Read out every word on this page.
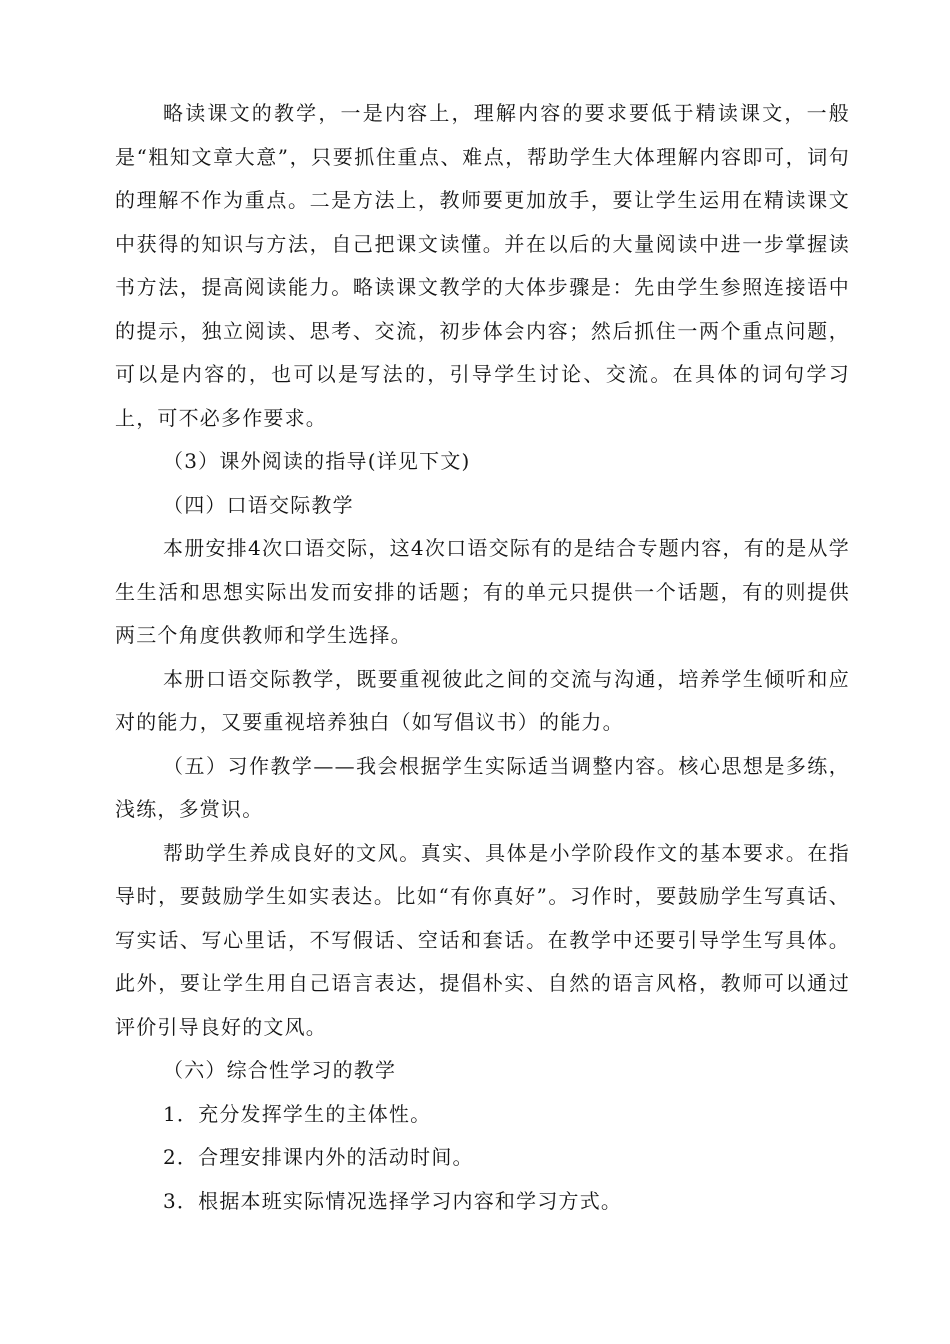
略读课文的教学，一是内容上，理解内容的要求要低于精读课文，一般是“粗知文章大意”，只要抓住重点、难点，帮助学生大体理解内容即可，词句的理解不作为重点。二是方法上，教师要更加放手，要让学生运用在精读课文中获得的知识与方法，自己把课文读懂。并在以后的大量阅读中进一步掌握读书方法，提高阅读能力。略读课文教学的大体步骤是：先由学生参照连接语中的提示，独立阅读、思考、交流，初步体会内容；然后抓住一两个重点问题，可以是内容的，也可以是写法的，引导学生讨论、交流。在具体的词句学习上，可不必多作要求。

（3）课外阅读的指导(详见下文)

（四）口语交际教学

本册安排4次口语交际，这4次口语交际有的是结合专题内容，有的是从学生生活和思想实际出发而安排的话题；有的单元只提供一个话题，有的则提供两三个角度供教师和学生选择。

本册口语交际教学，既要重视彼此之间的交流与沟通，培养学生倾听和应对的能力，又要重视培养独白（如写倡议书）的能力。

（五）习作教学——我会根据学生实际适当调整内容。核心思想是多练，浅练，多赏识。

帮助学生养成良好的文风。真实、具体是小学阶段作文的基本要求。在指导时，要鼓励学生如实表达。比如“有你真好”。习作时，要鼓励学生写真话、写实话、写心里话，不写假话、空话和套话。在教学中还要引导学生写具体。此外，要让学生用自己语言表达，提倡朴实、自然的语言风格，教师可以通过评价引导良好的文风。

（六）综合性学习的教学

1．充分发挥学生的主体性。

2．合理安排课内外的活动时间。

3．根据本班实际情况选择学习内容和学习方式。
